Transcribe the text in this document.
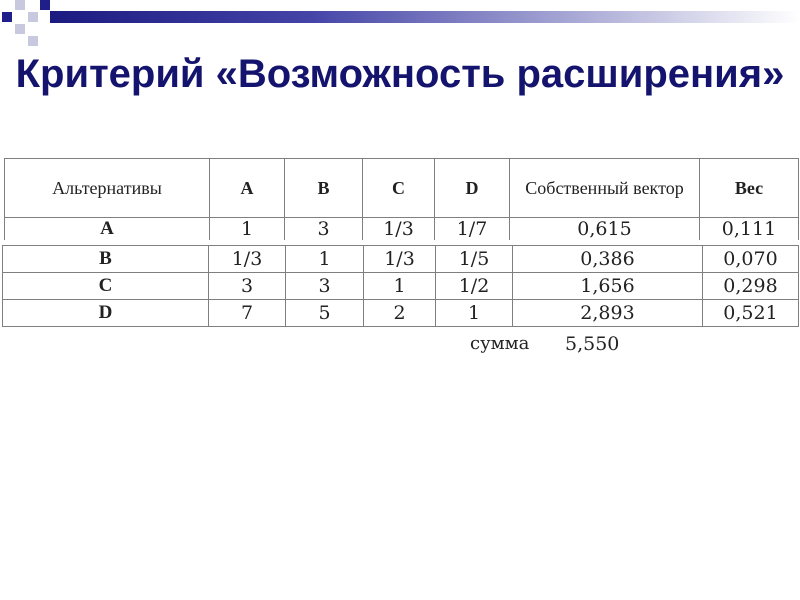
Критерий «Возможность расширения»
Альтернативы	A	B	C	D	Собственный вектор	Вес
A	1	3	1/3	1/7	0,615	0,111
B	1/3	1	1/3	1/5	0,386	0,070
C	3	3	1	1/2	1,656	0,298
D	7	5	2	1	2,893	0,521
сумма 5,550
